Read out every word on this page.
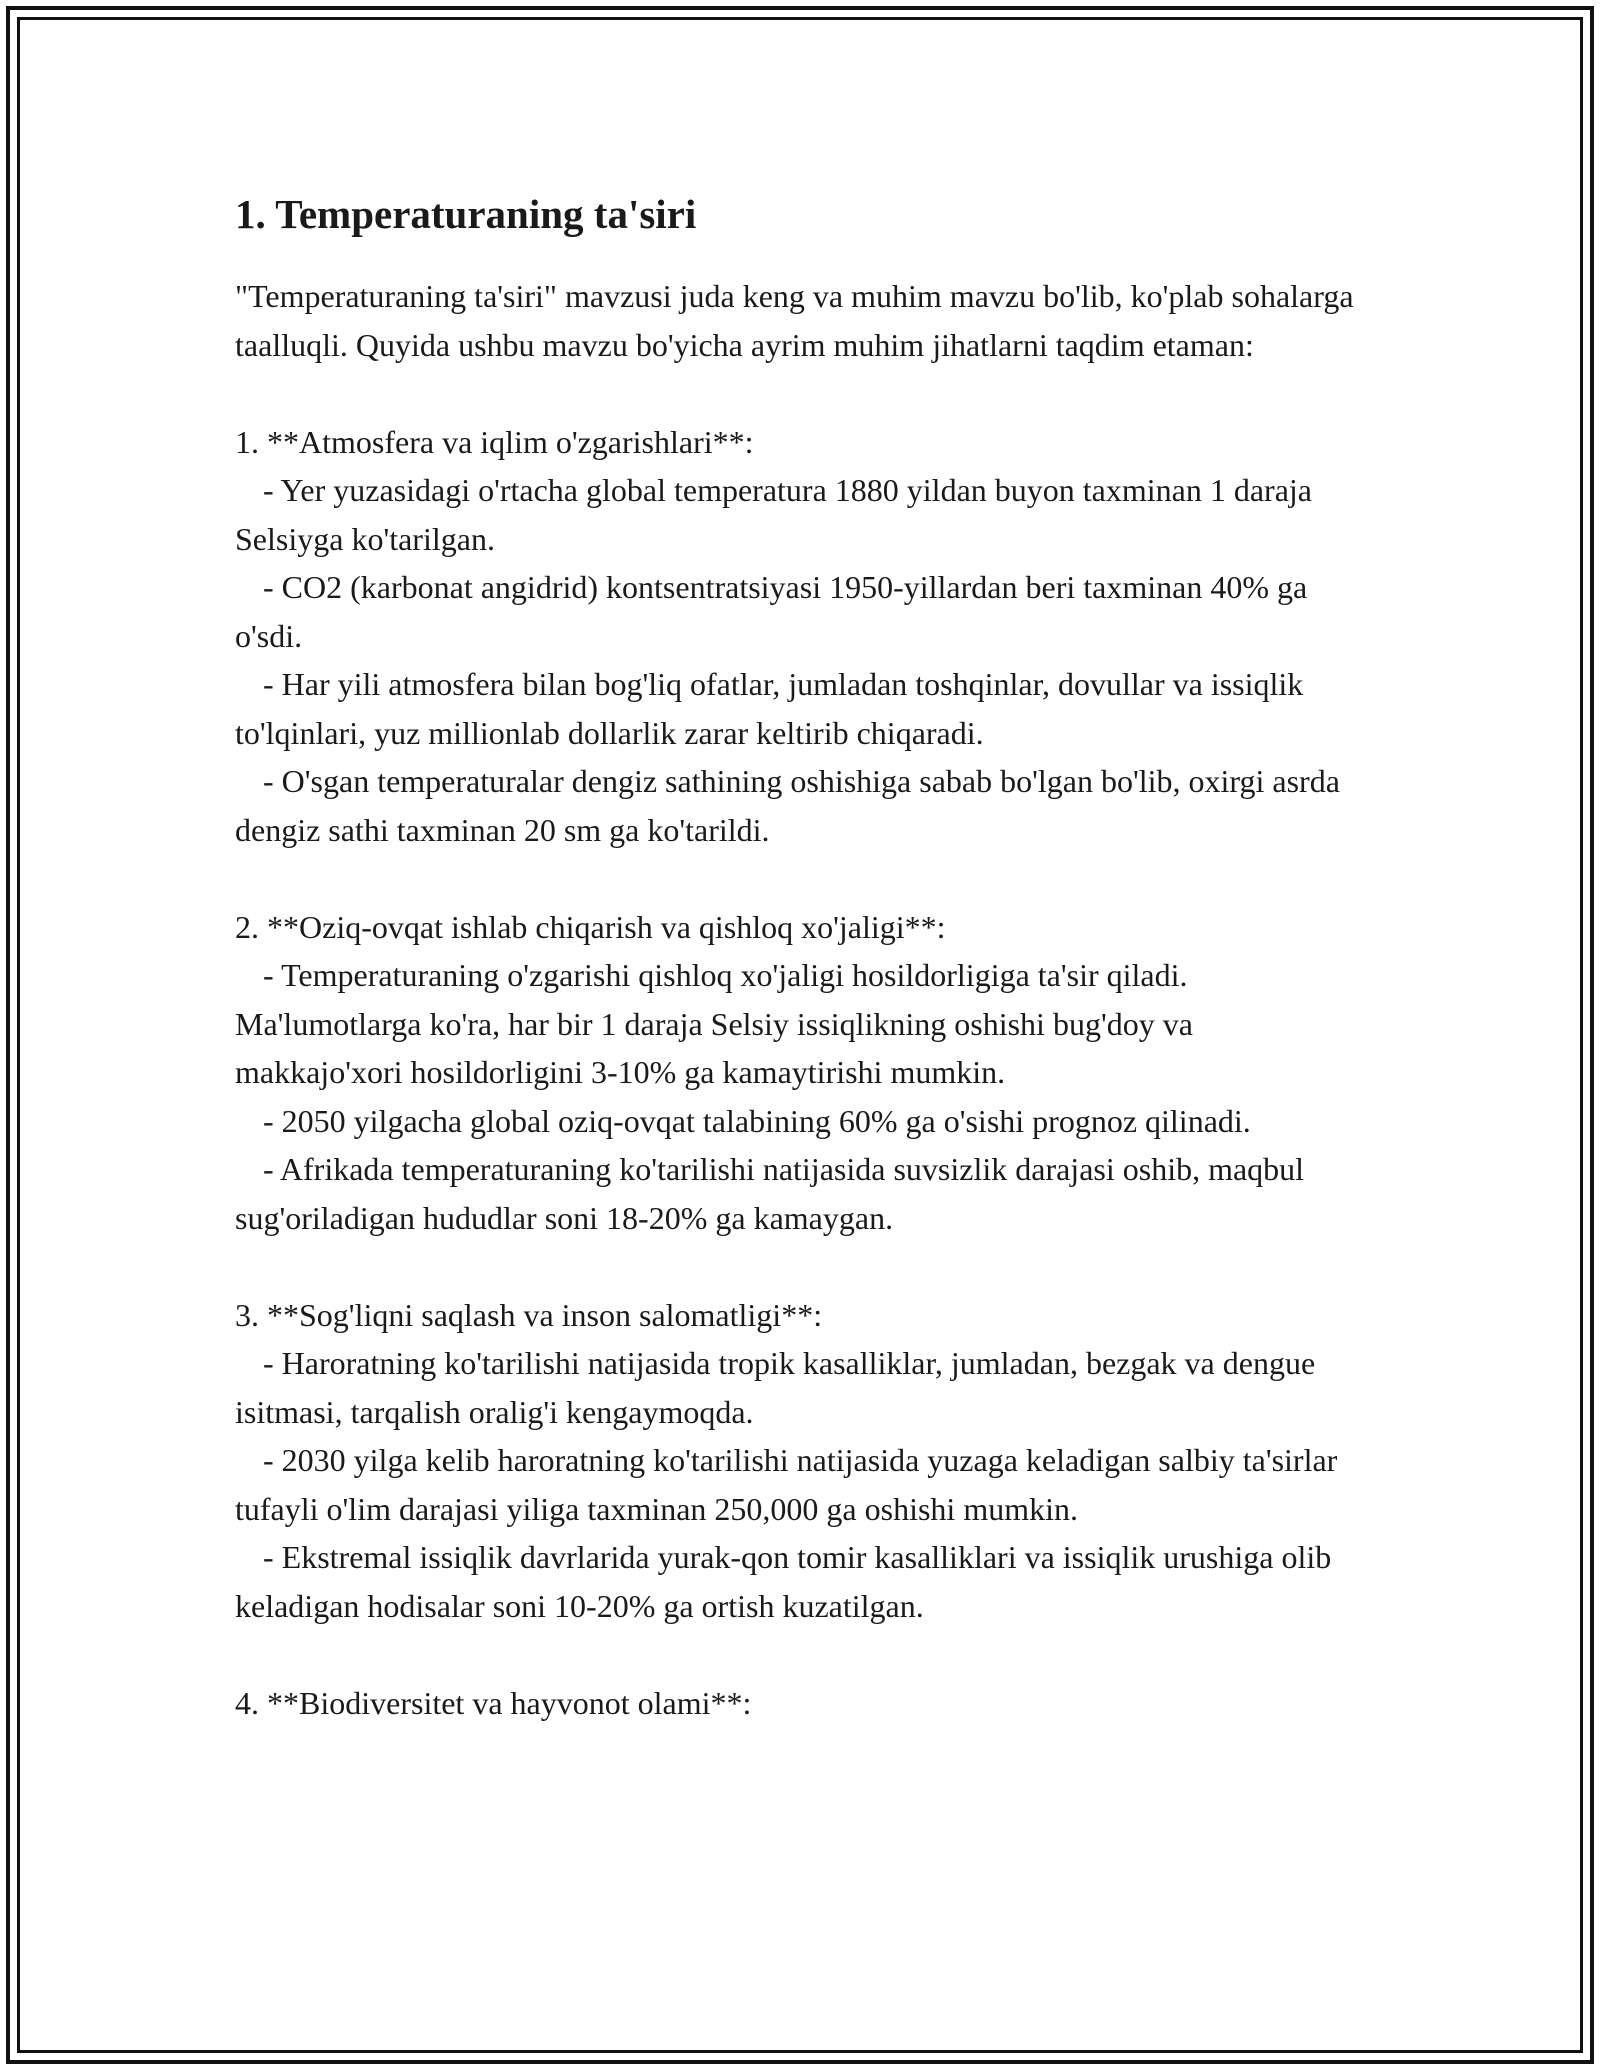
1. Temperaturaning ta'siri

"Temperaturaning ta'siri" mavzusi juda keng va muhim mavzu bo'lib, ko'plab sohalarga taalluqli. Quyida ushbu mavzu bo'yicha ayrim muhim jihatlarni taqdim etaman:

1. **Atmosfera va iqlim o'zgarishlari**:

- Yer yuzasidagi o'rtacha global temperatura 1880 yildan buyon taxminan 1 daraja Selsiyga ko'tarilgan.

- CO2 (karbonat angidrid) kontsentratsiyasi 1950-yillardan beri taxminan 40% ga o'sdi.

- Har yili atmosfera bilan bog'liq ofatlar, jumladan toshqinlar, dovullar va issiqlik to'lqinlari, yuz millionlab dollarlik zarar keltirib chiqaradi.

- O'sgan temperaturalar dengiz sathining oshishiga sabab bo'lgan bo'lib, oxirgi asrda dengiz sathi taxminan 20 sm ga ko'tarildi.

2. **Oziq-ovqat ishlab chiqarish va qishloq xo'jaligi**:

- Temperaturaning o'zgarishi qishloq xo'jaligi hosildorligiga ta'sir qiladi. Ma'lumotlarga ko'ra, har bir 1 daraja Selsiy issiqlikning oshishi bug'doy va makkajo'xori hosildorligini 3-10% ga kamaytirishi mumkin.

- 2050 yilgacha global oziq-ovqat talabining 60% ga o'sishi prognoz qilinadi.

- Afrikada temperaturaning ko'tarilishi natijasida suvsizlik darajasi oshib, maqbul sug'oriladigan hududlar soni 18-20% ga kamaygan.

3. **Sog'liqni saqlash va inson salomatligi**:

- Haroratning ko'tarilishi natijasida tropik kasalliklar, jumladan, bezgak va dengue isitmasi, tarqalish oralig'i kengaymoqda.

- 2030 yilga kelib haroratning ko'tarilishi natijasida yuzaga keladigan salbiy ta'sirlar tufayli o'lim darajasi yiliga taxminan 250,000 ga oshishi mumkin.

- Ekstremal issiqlik davrlarida yurak-qon tomir kasalliklari va issiqlik urushiga olib keladigan hodisalar soni 10-20% ga ortish kuzatilgan.

4. **Biodiversitet va hayvonot olami**:
